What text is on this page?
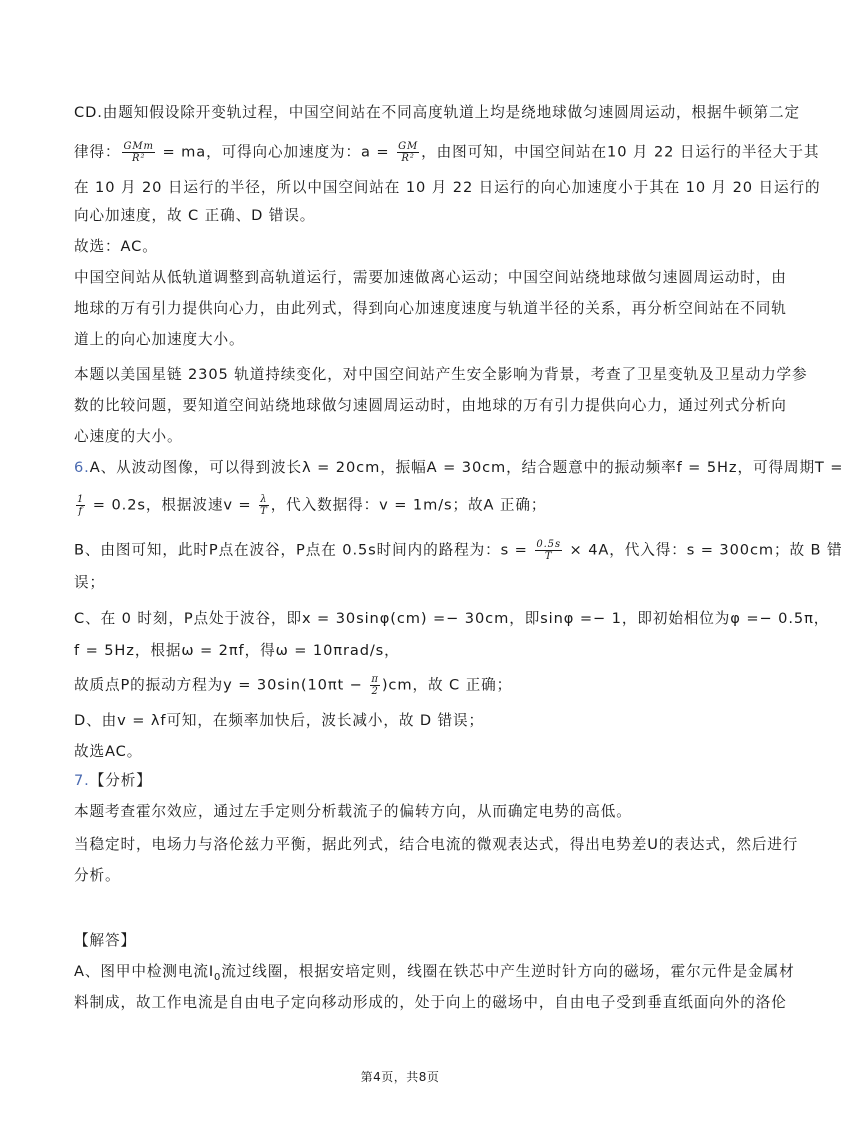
CD.由题知假设除开变轨过程，中国空间站在不同高度轨道上均是绕地球做匀速圆周运动，根据牛顿第二定
律得： $\frac{\text{GMm}}{\text{R²}}$ = ma，可得向心加速度为：$a = \frac{GM}{\text{R²}}$ ，由图可知，中国空间站在10 月 22 日运行的半径大于其
在 10 月 20 日运行的半径，所以中国空间站在 10 月 22 日运行的向心加速度小于其在 10 月 20 日运行的
向心加速度，故 C 正确、D 错误。
故选：AC。
中国空间站从低轨道调整到高轨道运行，需要加速做离心运动；中国空间站绕地球做匀速圆周运动时，由
地球的万有引力提供向心力，由此列式，得到向心加速度速度与轨道半径的关系，再分析空间站在不同轨
道上的向心加速度大小。
本题以美国星链 2305 轨道持续变化，对中国空间站产生安全影响为背景，考查了卫星变轨及卫星动力学参
数的比较问题，要知道空间站绕地球做匀速圆周运动时，由地球的万有引力提供向心力，通过列式分析向
心速度的大小。
6.A、从波动图像，可以得到波长λ = 20cm，振幅A = 30cm，结合题意中的振动频率f = 5Hz，可得周期T =
$\frac{1}{f} = 0.2s$，根据波速$v = \frac{\lambda}{T}$ ，代入数据得：v = 1m/s；故A 正确；
B、由图可知，此时P点在波谷，P点在 0.5s时间内的路程为：$s = \frac{0.5s}{T} \times 4A$，代入得：s = 300cm；故 B 错
误；
C、在 0 时刻，P点处于波谷，即x = 30sinφ(cm) =− 30cm，即sinφ =− 1，即初始相位为φ =− 0.5π，
f = 5Hz，根据ω = 2πf，得ω = 10πrad/s，
故质点P的振动方程为$y = 30\sin(10\pi t - \frac{\pi}{2} )cm$，故 C 正确；
D、由v = λf可知，在频率加快后，波长减小，故 D 错误；
故选AC。
7.【分析】
本题考查霍尔效应，通过左手定则分析载流子的偏转方向，从而确定电势的高低。
当稳定时，电场力与洛伦兹力平衡，据此列式，结合电流的微观表达式，得出电势差U的表达式，然后进行
分析。
【解答】
A、图甲中检测电流$I_0$流过线圈，根据安培定则，线圈在铁芯中产生逆时针方向的磁场，霍尔元件是金属材
料制成，故工作电流是自由电子定向移动形成的，处于向上的磁场中，自由电子受到垂直纸面向外的洛伦
第4页，共8页
